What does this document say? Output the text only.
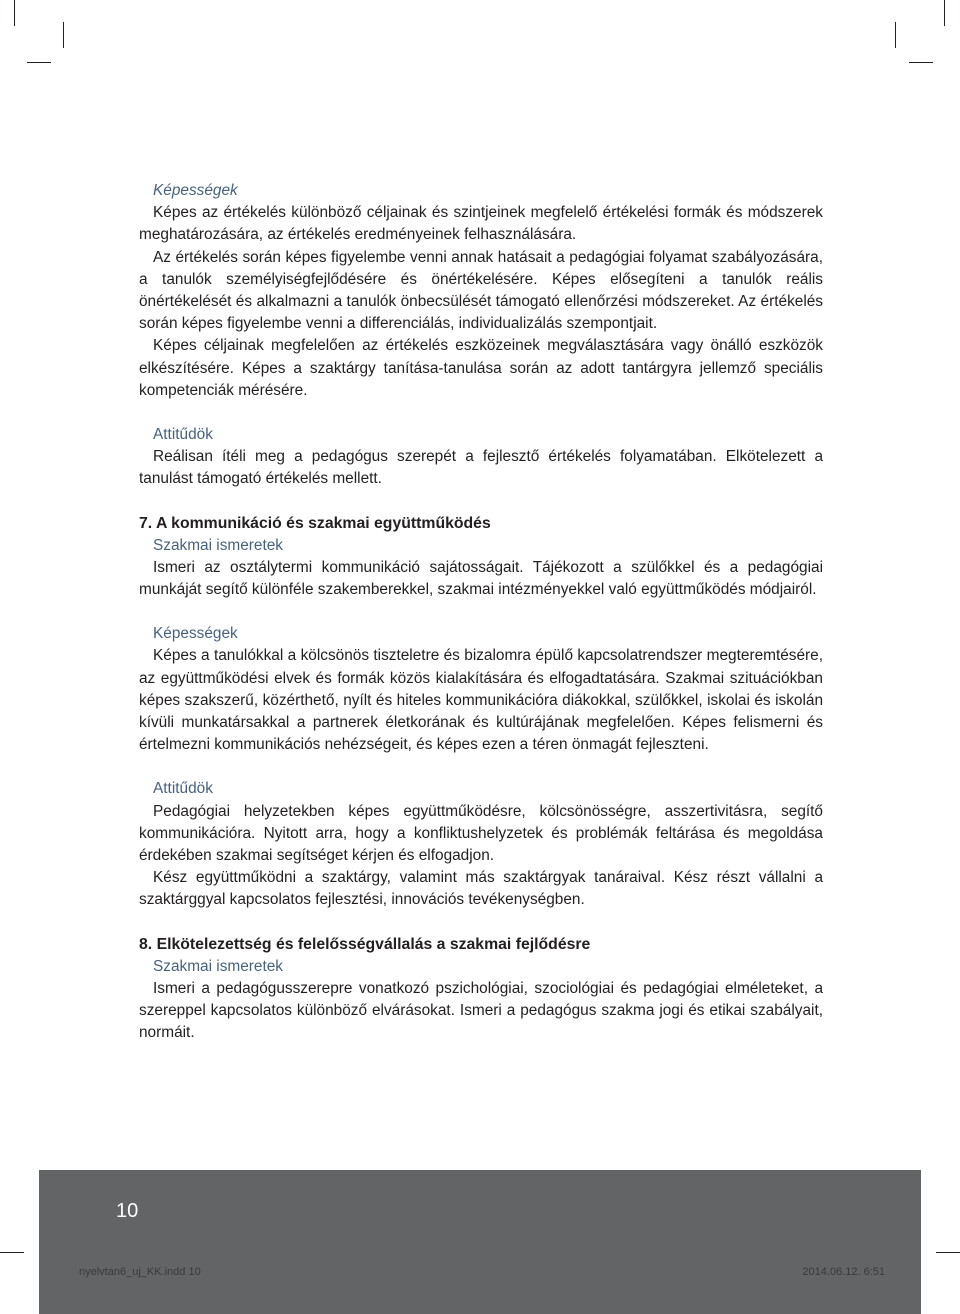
Képességek

Képes az értékelés különböző céljainak és szintjeinek megfelelő értékelési formák és módszerek meghatározására, az értékelés eredményeinek felhasználására.

Az értékelés során képes figyelembe venni annak hatásait a pedagógiai folyamat szabályozására, a tanulók személyiségfejlődésére és önértékelésére. Képes elősegíteni a tanulók reális önértékelését és alkalmazni a tanulók önbecsülését támogató ellenőrzési módszereket. Az értékelés során képes figyelembe venni a differenciálás, individualizálás szempontjait.

Képes céljainak megfelelően az értékelés eszközeinek megválasztására vagy önálló eszközök elkészítésére. Képes a szaktárgy tanítása-tanulása során az adott tantárgyra jellemző speciális kompetenciák mérésére.

Attitűdök

Reálisan ítéli meg a pedagógus szerepét a fejlesztő értékelés folyamatában. Elkötelezett a tanulást támogató értékelés mellett.

7. A kommunikáció és szakmai együttműködés
Szakmai ismeretek

Ismeri az osztálytermi kommunikáció sajátosságait. Tájékozott a szülőkkel és a pedagógiai munkáját segítő különféle szakemberekkel, szakmai intézményekkel való együttműködés módjairól.

Képességek

Képes a tanulókkal a kölcsönös tiszteletre és bizalomra épülő kapcsolatrendszer megteremtésére, az együttműködési elvek és formák közös kialakítására és elfogadtatására. Szakmai szituációkban képes szakszerű, közérthető, nyílt és hiteles kommunikációra diákokkal, szülőkkel, iskolai és iskolán kívüli munkatársakkal a partnerek életkorának és kultúrájának megfelelően. Képes felismerni és értelmezni kommunikációs nehézségeit, és képes ezen a téren önmagát fejleszteni.

Attitűdök

Pedagógiai helyzetekben képes együttműködésre, kölcsönösségre, asszertivitásra, segítő kommunikációra. Nyitott arra, hogy a konfliktushelyzetek és problémák feltárása és megoldása érdekében szakmai segítséget kérjen és elfogadjon.

Kész együttműködni a szaktárgy, valamint más szaktárgyak tanáraival. Kész részt vállalni a szaktárggyal kapcsolatos fejlesztési, innovációs tevékenységben.

8. Elkötelezettség és felelősségvállalás a szakmai fejlődésre
Szakmai ismeretek

Ismeri a pedagógusszerepre vonatkozó pszichológiai, szociológiai és pedagógiai elméleteket, a szereppel kapcsolatos különböző elvárásokat. Ismeri a pedagógus szakma jogi és etikai szabályait, normáit.

10
nyelvtan6_uj_KK.indd 10	2014.06.12. 6:51
